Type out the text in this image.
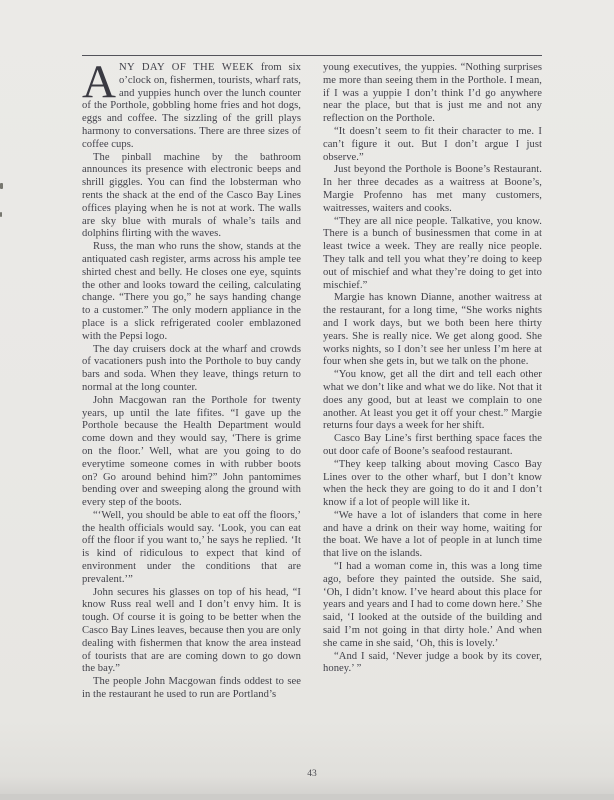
ANY DAY OF THE WEEK from six o’clock on, fishermen, tourists, wharf rats, and yuppies hunch over the lunch counter of the Porthole, gobbling home fries and hot dogs, eggs and coffee. The sizzling of the grill plays harmony to conversations. There are three sizes of coffee cups.

The pinball machine by the bathroom announces its presence with electronic beeps and shrill giggles. You can find the lobsterman who rents the shack at the end of the Casco Bay Lines offices playing when he is not at work. The walls are sky blue with murals of whale’s tails and dolphins flirting with the waves.

Russ, the man who runs the show, stands at the antiquated cash register, arms across his ample tee shirted chest and belly. He closes one eye, squints the other and looks toward the ceiling, calculating change. “There you go,” he says handing change to a customer.” The only modern appliance in the place is a slick refrigerated cooler emblazoned with the Pepsi logo.

The day cruisers dock at the wharf and crowds of vacationers push into the Porthole to buy candy bars and soda. When they leave, things return to normal at the long counter.

John Macgowan ran the Porthole for twenty years, up until the late fifites. “I gave up the Porthole because the Health Department would come down and they would say, ‘There is grime on the floor.’ Well, what are you going to do everytime someone comes in with rubber boots on? Go around behind him?” John pantomimes bending over and sweeping along the ground with every step of the boots.

“‘Well, you should be able to eat off the floors,’ the health officials would say. ‘Look, you can eat off the floor if you want to,’ he says he replied. ‘It is kind of ridiculous to expect that kind of environment under the conditions that are prevalent.’”

John secures his glasses on top of his head, “I know Russ real well and I don’t envy him. It is tough. Of course it is going to be better when the Casco Bay Lines leaves, because then you are only dealing with fishermen that know the area instead of tourists that are are coming down to go down the bay.”

The people John Macgowan finds oddest to see in the restaurant he used to run are Portland’s

young executives, the yuppies. “Nothing surprises me more than seeing them in the Porthole. I mean, if I was a yuppie I don’t think I’d go anywhere near the place, but that is just me and not any reflection on the Porthole.

“It doesn’t seem to fit their character to me. I can’t figure it out. But I don’t argue I just observe.”

Just beyond the Porthole is Boone’s Restaurant. In her three decades as a waitress at Boone’s, Margie Profenno has met many customers, waitresses, waiters and cooks.

“They are all nice people. Talkative, you know. There is a bunch of businessmen that come in at least twice a week. They are really nice people. They talk and tell you what they’re doing to keep out of mischief and what they’re doing to get into mischief.”

Margie has known Dianne, another waitress at the restaurant, for a long time, “She works nights and I work days, but we both been here thirty years. She is really nice. We get along good. She works nights, so I don’t see her unless I’m here at four when she gets in, but we talk on the phone.

“You know, get all the dirt and tell each other what we don’t like and what we do like. Not that it does any good, but at least we complain to one another. At least you get it off your chest.” Margie returns four days a week for her shift.

Casco Bay Line’s first berthing space faces the out door cafe of Boone’s seafood restaurant.

“They keep talking about moving Casco Bay Lines over to the other wharf, but I don’t know when the heck they are going to do it and I don’t know if a lot of people will like it.

“We have a lot of islanders that come in here and have a drink on their way home, waiting for the boat. We have a lot of people in at lunch time that live on the islands.

“I had a woman come in, this was a long time ago, before they painted the outside. She said, ‘Oh, I didn’t know. I’ve heard about this place for years and years and I had to come down here.’ She said, ‘I looked at the outside of the building and said I’m not going in that dirty hole.’ And when she came in she said, ‘Oh, this is lovely.’

“And I said, ‘Never judge a book by its cover, honey.’ ”

43
